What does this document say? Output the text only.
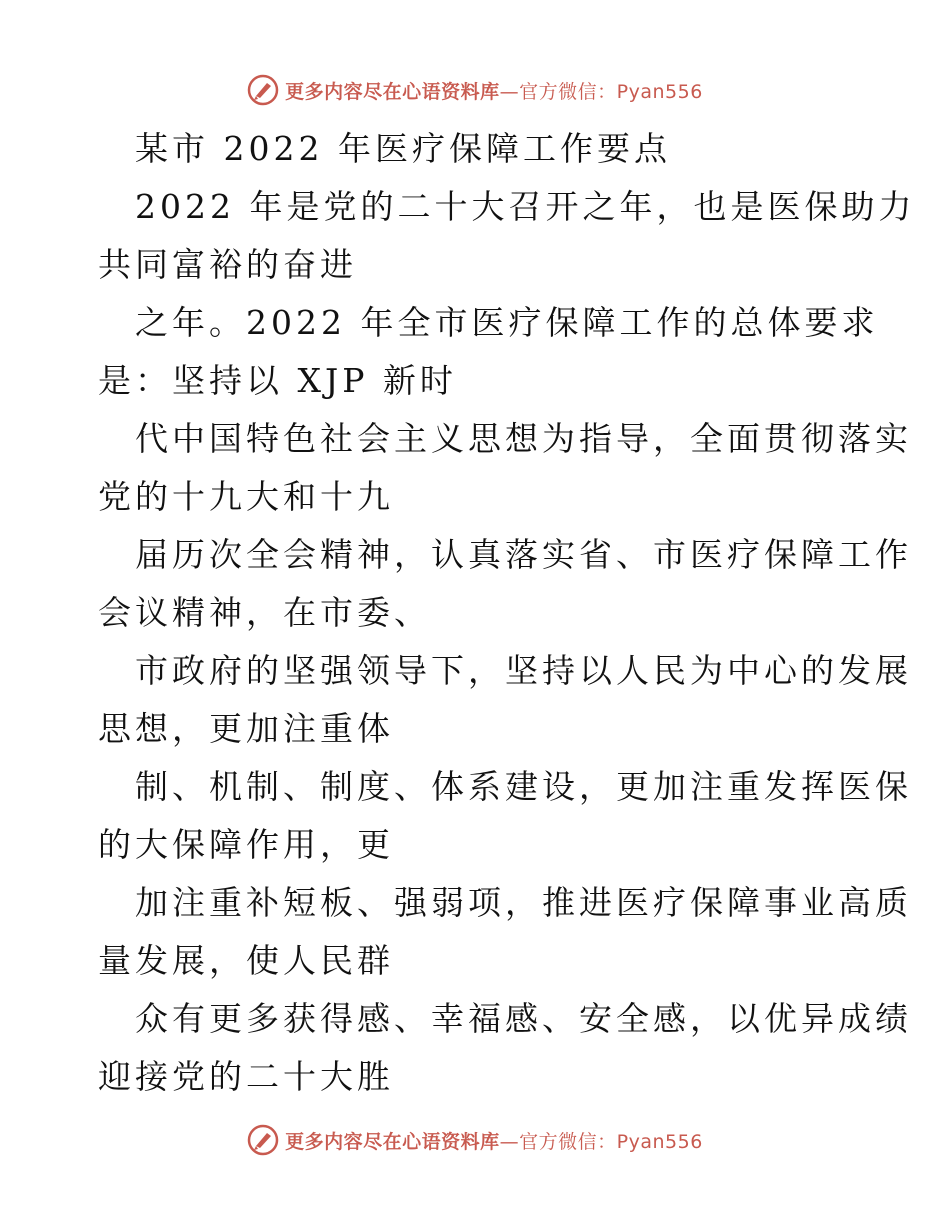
更多内容尽在心语资料库—官方微信：Pyan556
某市 2022 年医疗保障工作要点
2022 年是党的二十大召开之年，也是医保助力
共同富裕的奋进
之年。2022 年全市医疗保障工作的总体要求
是：坚持以 XJP 新时
代中国特色社会主义思想为指导，全面贯彻落实
党的十九大和十九
届历次全会精神，认真落实省、市医疗保障工作
会议精神，在市委、
市政府的坚强领导下，坚持以人民为中心的发展
思想，更加注重体
制、机制、制度、体系建设，更加注重发挥医保
的大保障作用，更
加注重补短板、强弱项，推进医疗保障事业高质
量发展，使人民群
众有更多获得感、幸福感、安全感，以优异成绩
迎接党的二十大胜
更多内容尽在心语资料库—官方微信：Pyan556
